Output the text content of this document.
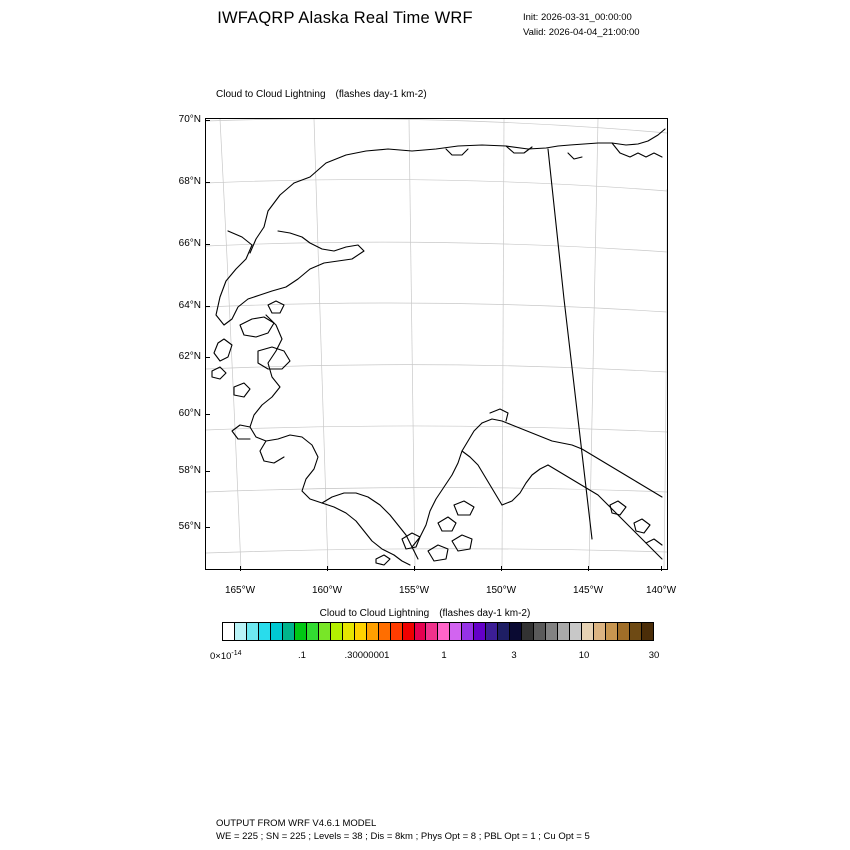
IWFAQRP Alaska Real Time WRF	Init: 2026-03-31_00:00:00
Valid: 2026-04-04_21:00:00
Cloud to Cloud Lightning (flashes day-1 km-2)
70°N
68°N
66°N
64°N
62°N
60°N
58°N
56°N
165°W	160°W	155°W	150°W	145°W	140°W
Cloud to Cloud Lightning (flashes day-1 km-2)
$0\times 10^{-14}$	.1	.30000001	1	3	10	30
OUTPUT FROM WRF V4.6.1 MODEL
WE = 225 ; SN = 225 ; Levels = 38 ; Dis = 8km ; Phys Opt = 8 ; PBL Opt = 1 ; Cu Opt = 5
